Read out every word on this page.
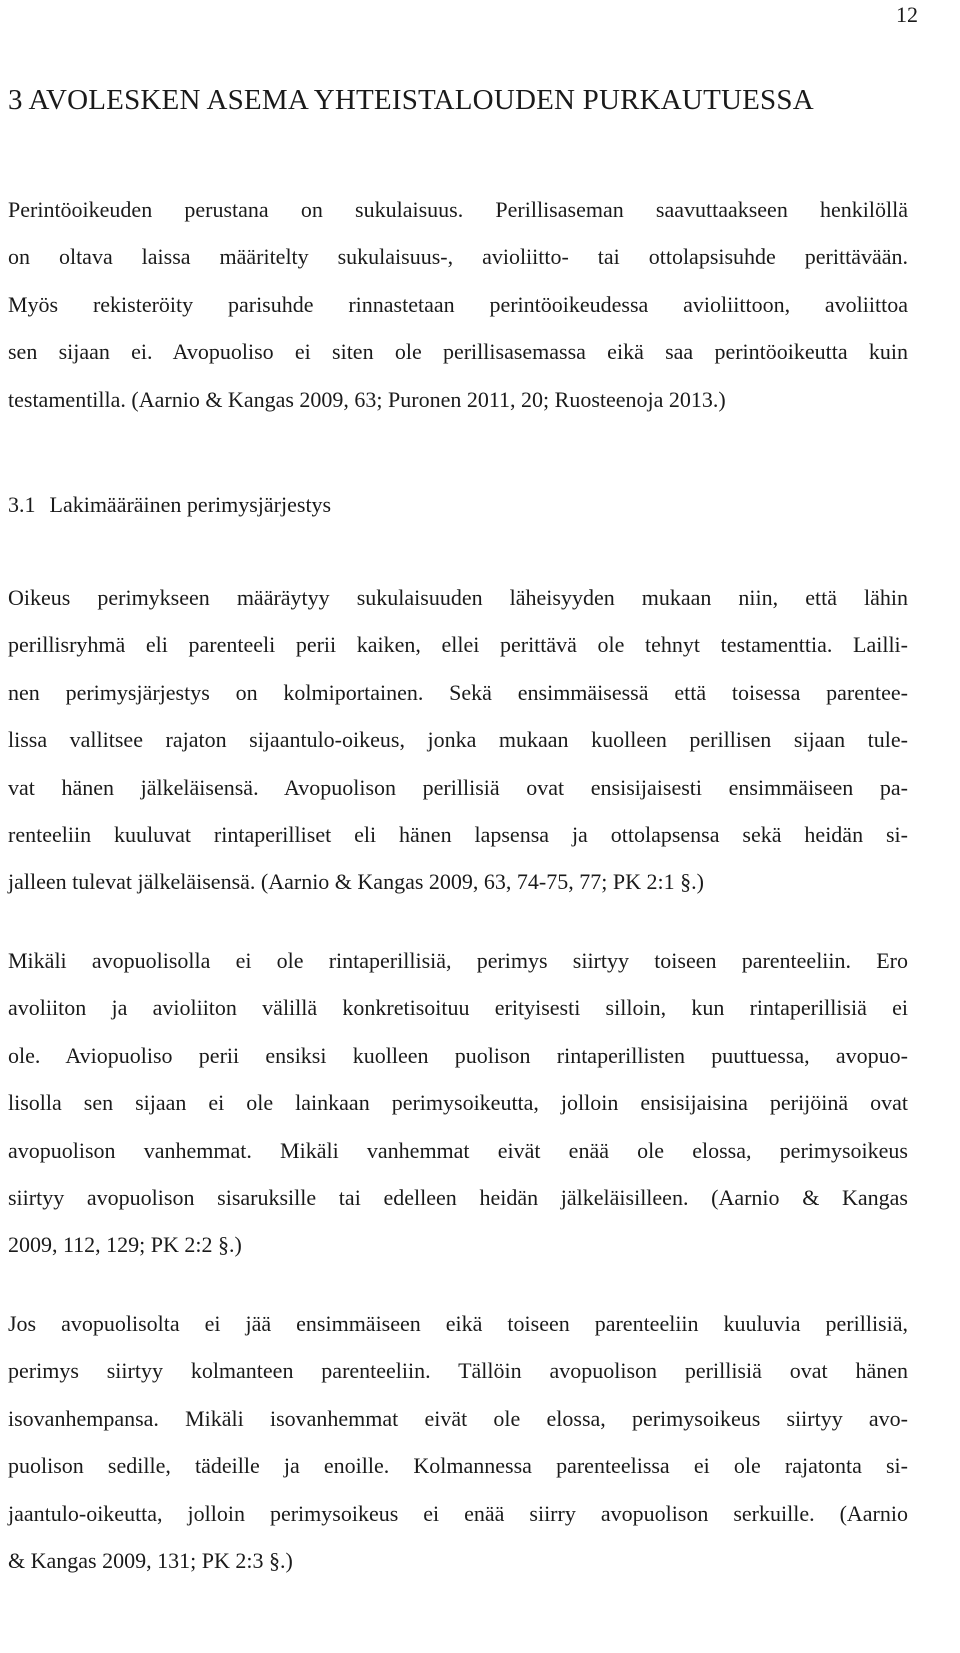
12
3 AVOLESKEN ASEMA YHTEISTALOUDEN PURKAUTUESSA

Perintöoikeuden perustana on sukulaisuus. Perillisaseman saavuttaakseen henkilöllä
on oltava laissa määritelty sukulaisuus-, avioliitto- tai ottolapsisuhde perittävään.
Myös rekisteröity parisuhde rinnastetaan perintöoikeudessa avioliittoon, avoliittoa
sen sijaan ei. Avopuoliso ei siten ole perillisasemassa eikä saa perintöoikeutta kuin
testamentilla. (Aarnio & Kangas 2009, 63; Puronen 2011, 20; Ruosteenoja 2013.)

3.1 Lakimääräinen perimysjärjestys

Oikeus perimykseen määräytyy sukulaisuuden läheisyyden mukaan niin, että lähin
perillisryhmä eli parenteeli perii kaiken, ellei perittävä ole tehnyt testamenttia. Lailli-
nen perimysjärjestys on kolmiportainen. Sekä ensimmäisessä että toisessa parentee-
lissa vallitsee rajaton sijaantulo-oikeus, jonka mukaan kuolleen perillisen sijaan tule-
vat hänen jälkeläisensä. Avopuolison perillisiä ovat ensisijaisesti ensimmäiseen pa-
renteeliin kuuluvat rintaperilliset eli hänen lapsensa ja ottolapsensa sekä heidän si-
jalleen tulevat jälkeläisensä. (Aarnio & Kangas 2009, 63, 74-75, 77; PK 2:1 §.)

Mikäli avopuolisolla ei ole rintaperillisiä, perimys siirtyy toiseen parenteeliin. Ero
avoliiton ja avioliiton välillä konkretisoituu erityisesti silloin, kun rintaperillisiä ei
ole. Aviopuoliso perii ensiksi kuolleen puolison rintaperillisten puuttuessa, avopuo-
lisolla sen sijaan ei ole lainkaan perimysoikeutta, jolloin ensisijaisina perijöinä ovat
avopuolison vanhemmat. Mikäli vanhemmat eivät enää ole elossa, perimysoikeus
siirtyy avopuolison sisaruksille tai edelleen heidän jälkeläisilleen. (Aarnio & Kangas
2009, 112, 129; PK 2:2 §.)

Jos avopuolisolta ei jää ensimmäiseen eikä toiseen parenteeliin kuuluvia perillisiä,
perimys siirtyy kolmanteen parenteeliin. Tällöin avopuolison perillisiä ovat hänen
isovanhempansa. Mikäli isovanhemmat eivät ole elossa, perimysoikeus siirtyy avo-
puolison sedille, tädeille ja enoille. Kolmannessa parenteelissa ei ole rajatonta si-
jaantulo-oikeutta, jolloin perimysoikeus ei enää siirry avopuolison serkuille. (Aarnio
& Kangas 2009, 131; PK 2:3 §.)
